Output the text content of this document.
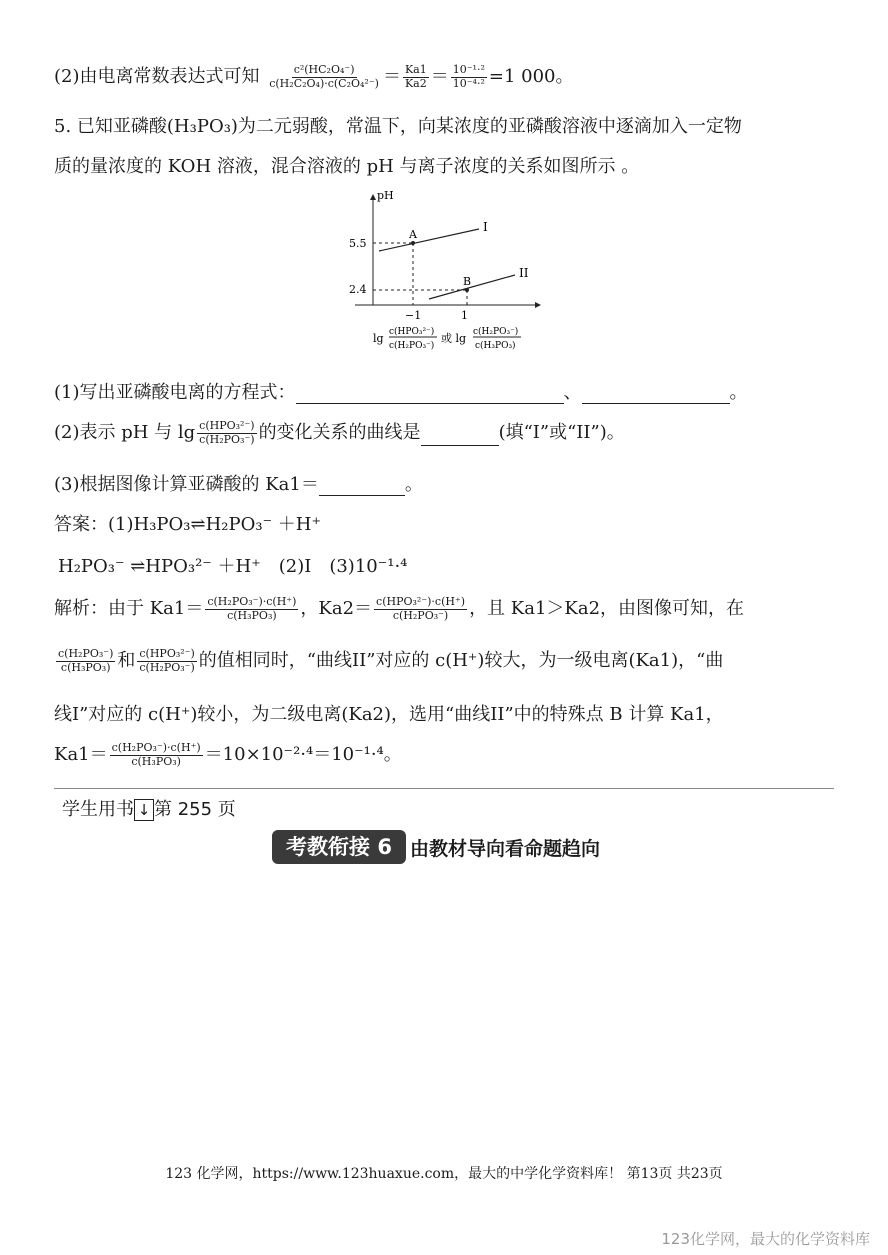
(2)由电离常数表达式可知 $\frac{\text{c²(HC₂O₄⁻)}}{\text{c(H₂C₂O₄)·c(C₂O₄²⁻)}} = \frac{Ka1}{Ka2} = \frac{\text{10⁻¹·²}}{\text{10⁻⁴·²}} =1$ 000。
5. 已知亚磷酸(H₃PO₃)为二元弱酸，常温下，向某浓度的亚磷酸溶液中逐滴加入一定物
质的量浓度的 KOH 溶液，混合溶液的 pH 与离子浓度的关系如图所示 。
pH
5.5
2.4
−1	1
A
B
I
II
lg c(HPO₃²⁻)
c(H₂PO₃⁻)
或 lg c(H₂PO₃⁻)
c(H₃PO₃)
(1)写出亚磷酸电离的方程式：	、	。
(2)表示 pH 与 $\lg \frac{\text{c(HPO₃²⁻)}}{\text{c(H₂PO₃⁻)}}$ 的变化关系的曲线是	(填“I”或“II”)。
(3)根据图像计算亚磷酸的 Ka1＝	。
答案：(1)H₃PO₃⇌H₂PO₃⁻ ＋H⁺
H₂PO₃⁻ ⇌HPO₃²⁻ ＋H⁺　(2)I　(3)10⁻¹·⁴
解析：由于 $Ka1= \frac{\text{c(H₂PO₃⁻)·c(H⁺)}}{\text{c(H₃PO₃)}}$ ，$Ka2= \frac{\text{c(HPO₃²⁻)·c(H⁺)}}{\text{c(H₂PO₃⁻)}}$ ，且 Ka1＞Ka2，由图像可知，在
$\frac{\text{c(H₂PO₃⁻)}}{\text{c(H₃PO₃)}}$ 和 $\frac{\text{c(HPO₃²⁻)}}{\text{c(H₂PO₃⁻)}}$ 的值相同时，“曲线II”对应的 c(H⁺)较大，为一级电离(Ka1)，“曲
线I”对应的 c(H⁺)较小，为二级电离(Ka2)，选用“曲线II”中的特殊点 B 计算 Ka1，
$Ka1= \frac{\text{c(H₂PO₃⁻)·c(H⁺)}}{\text{c(H₃PO₃)}} =10\times 10^{-2}\cdot^4=10^{-1}\cdot^4$。
学生用书 ↓ 第 255 页
考教衔接 6 由教材导向看命题趋向
123 化学网，https://www.123huaxue.com，最大的中学化学资料库！ 第13页 共23页
123化学网，最大的化学资料库
